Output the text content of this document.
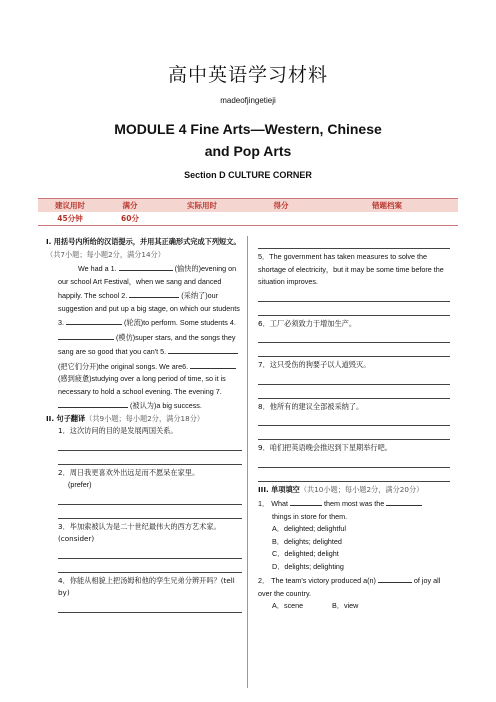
高中英语学习材料
madeofjingetieji
MODULE 4 Fine Arts—Western, Chinese
and Pop Arts
Section D CULTURE CORNER
建议用时	满分	实际用时	得分	错题档案
45分钟	60分
I. 用括号内所给的汉语提示，并用其正确形式完成下列短文。（共7小题；每小题2分，满分14分）
We had a 1.	(愉快的)evening on our school Art Festival，when we sang and danced happily. The school 2.	(采纳了)our suggestion and put up a big stage, on which our students 3.	(轮流)to perform. Some students 4.  (模仿)super stars, and the songs they sang are so good that you can't 5.  (把它们分开)the original songs. We are6.  (感到疲惫)studying over a long period of time, so it is necessary to hold a school evening. The evening 7.  (被认为)a big success.
II. 句子翻译（共9小题；每小题2分，满分18分）
1．这次访问的目的是发展两国关系。
2．周日我更喜欢外出远足而不愿呆在家里。
(prefer)
3．毕加索被认为是二十世纪最伟大的西方艺术家。(consider)
4．你能从相貌上把汤姆和他的孪生兄弟分辨开吗？(tell by)
5．The government has taken measures to solve the shortage of electricity，but it may be some time before the situation improves.
6．工厂必须致力于增加生产。
7．这只受伤的狗要子以人道毁灭。
8．他所有的建议全部被采纳了。
9．咱们把英语晚会推迟到下星期举行吧。
III. 单项填空（共10小题；每小题2分，满分20分）
1． What	them most was the
things in store for them.
A．delighted; delightful
B．delights; delighted
C．delighted; delight
D．delights; delighting
2． The team's victory produced a(n)	of joy all over the country.
A．scene	B．view
